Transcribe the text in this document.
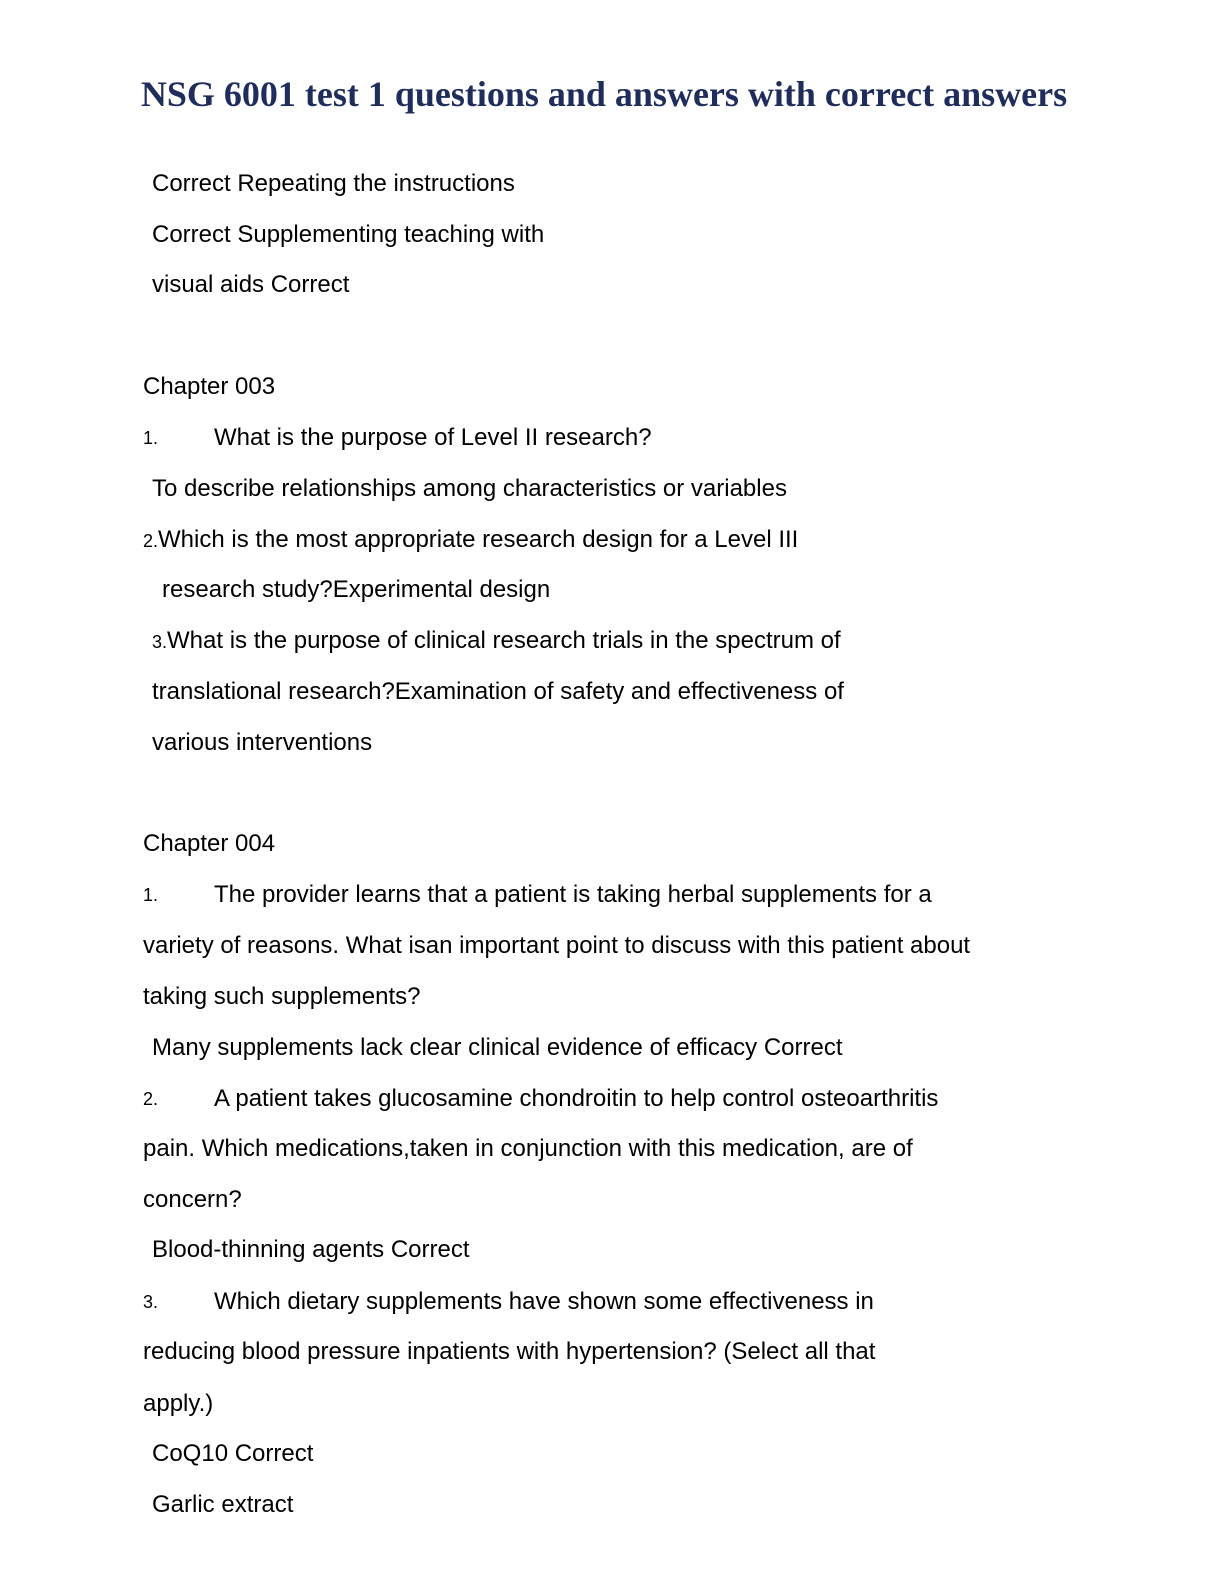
NSG 6001 test 1 questions and answers with correct answers
Correct Repeating the instructions
Correct Supplementing teaching with
visual aids Correct
Chapter 003
1. What is the purpose of Level II research?
To describe relationships among characteristics or variables
2.Which is the most appropriate research design for a Level III
research study?Experimental design
3.What is the purpose of clinical research trials in the spectrum of
translational research?Examination of safety and effectiveness of
various interventions
Chapter 004
1. The provider learns that a patient is taking herbal supplements for a
variety of reasons. What isan important point to discuss with this patient about
taking such supplements?
Many supplements lack clear clinical evidence of efficacy Correct
2. A patient takes glucosamine chondroitin to help control osteoarthritis
pain. Which medications,taken in conjunction with this medication, are of
concern?
Blood-thinning agents Correct
3. Which dietary supplements have shown some effectiveness in
reducing blood pressure inpatients with hypertension? (Select all that
apply.)
CoQ10 Correct
Garlic extract
